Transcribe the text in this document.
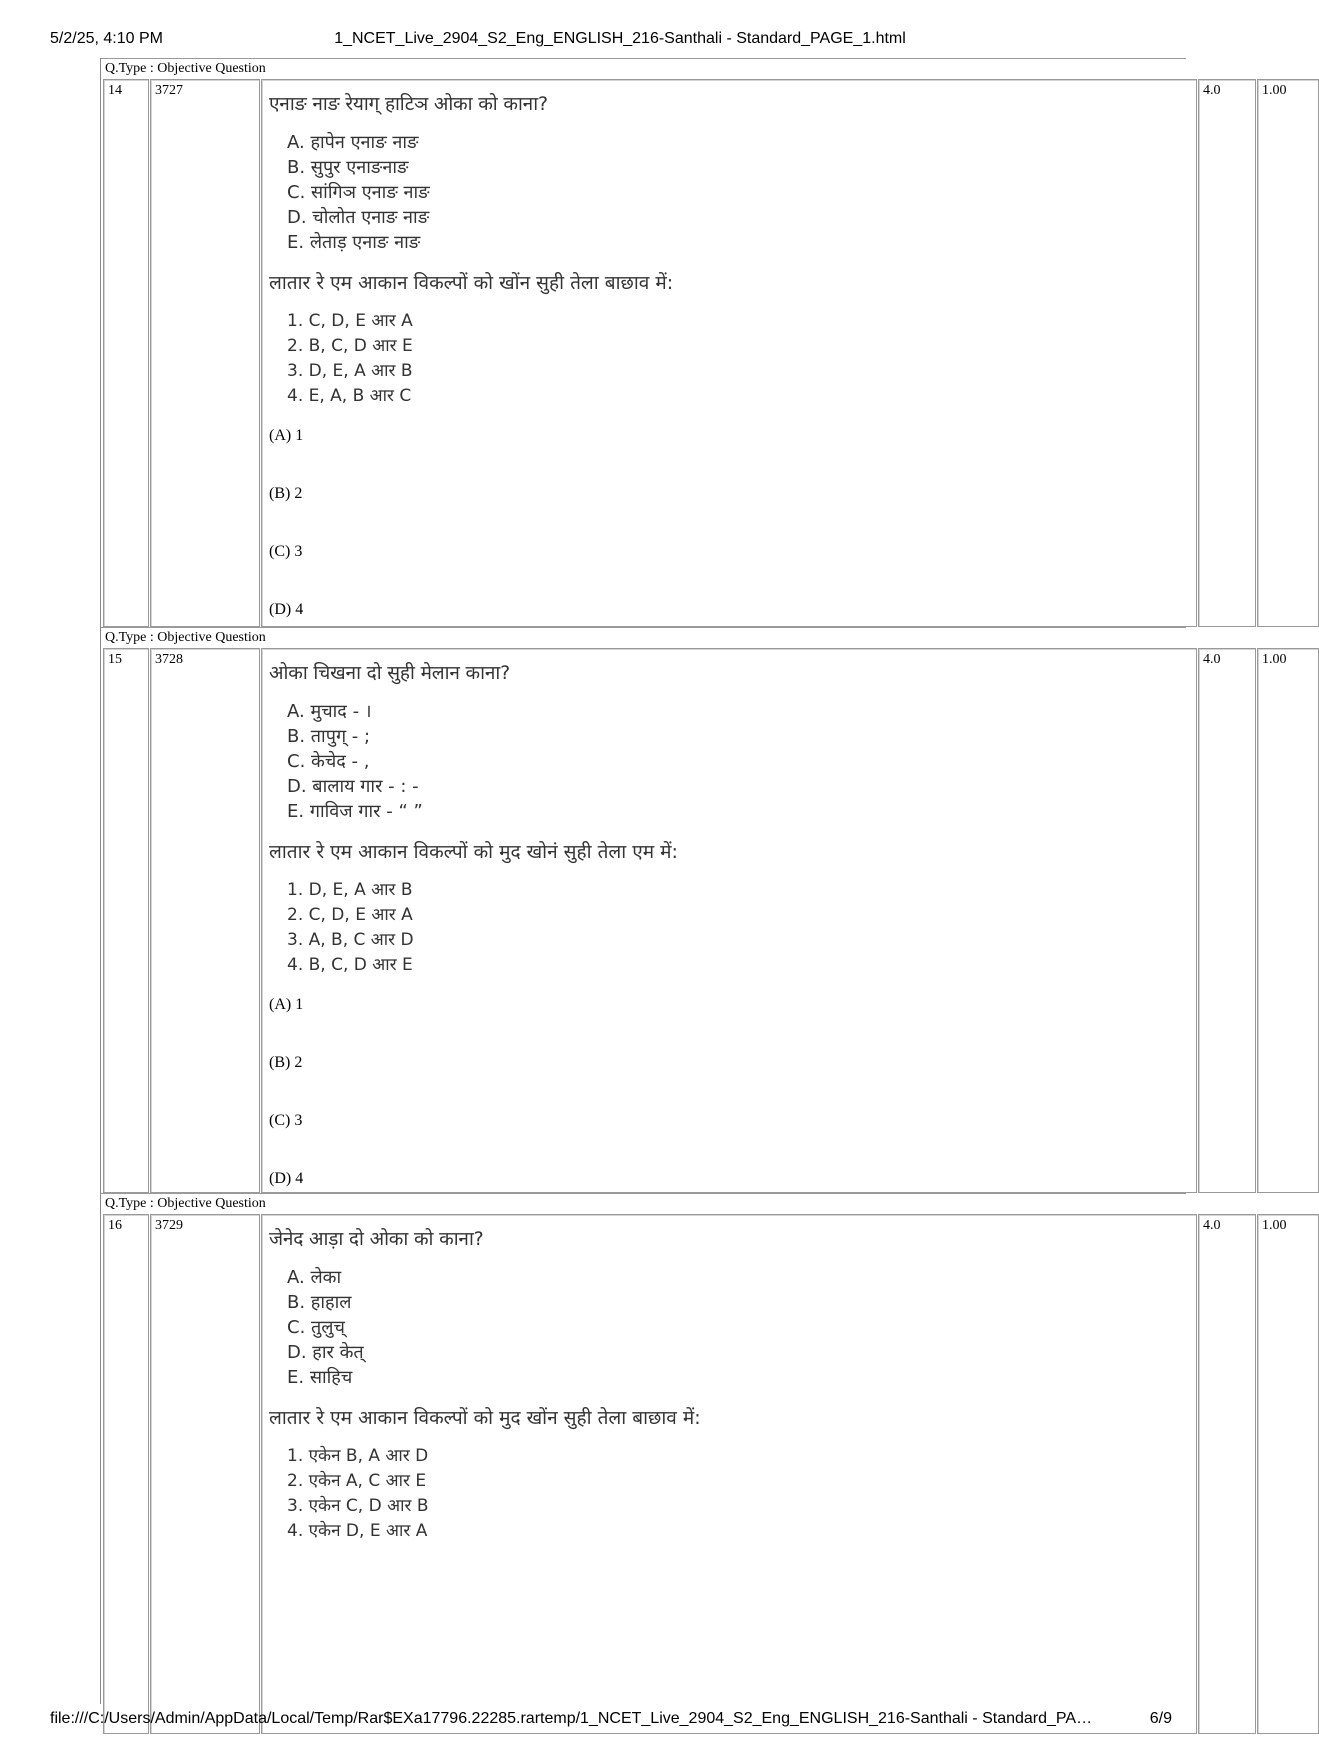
5/2/25, 4:10 PM	1_NCET_Live_2904_S2_Eng_ENGLISH_216-Santhali - Standard_PAGE_1.html
Q.Type : Objective Question
14 3727
एनाङ नाङ रेयाग् हाटिञ ओका को काना?
A. हापेन एनाङ नाङ
B. सुपुर एनाङनाङ
C. सांगिञ एनाङ नाङ
D. चोलोत एनाङ नाङ
E. लेताड़ एनाङ नाङ
लातार रे एम आकान विकल्पों को खोंन सुही तेला बाछाव में:
1. C, D, E आर A
2. B, C, D आर E
3. D, E, A आर B
4. E, A, B आर C
(A) 1
(B) 2
(C) 3
(D) 4
4.0	1.00
Q.Type : Objective Question
15 3728
ओका चिखना दो सुही मेलान काना?
A. मुचाद - ।
B. तापुग् - ;
C. केचेद - ,
D. बालाय गार - : -
E. गाविज गार - “ ”
लातार रे एम आकान विकल्पों को मुद खोनं सुही तेला एम में:
1. D, E, A आर B
2. C, D, E आर A
3. A, B, C आर D
4. B, C, D आर E
(A) 1
(B) 2
(C) 3
(D) 4
4.0	1.00
Q.Type : Objective Question
16 3729
जेनेद आड़ा दो ओका को काना?
A. लेका
B. हाहाल
C. तुलुच्
D. हार केत्
E. साहिच
लातार रे एम आकान विकल्पों को मुद खोंन सुही तेला बाछाव में:
1. एकेन B, A आर D
2. एकेन A, C आर E
3. एकेन C, D आर B
4. एकेन D, E आर A
4.0	1.00
file:///C:/Users/Admin/AppData/Local/Temp/Rar$EXa17796.22285.rartemp/1_NCET_Live_2904_S2_Eng_ENGLISH_216-Santhali - Standard_PA…	6/9
